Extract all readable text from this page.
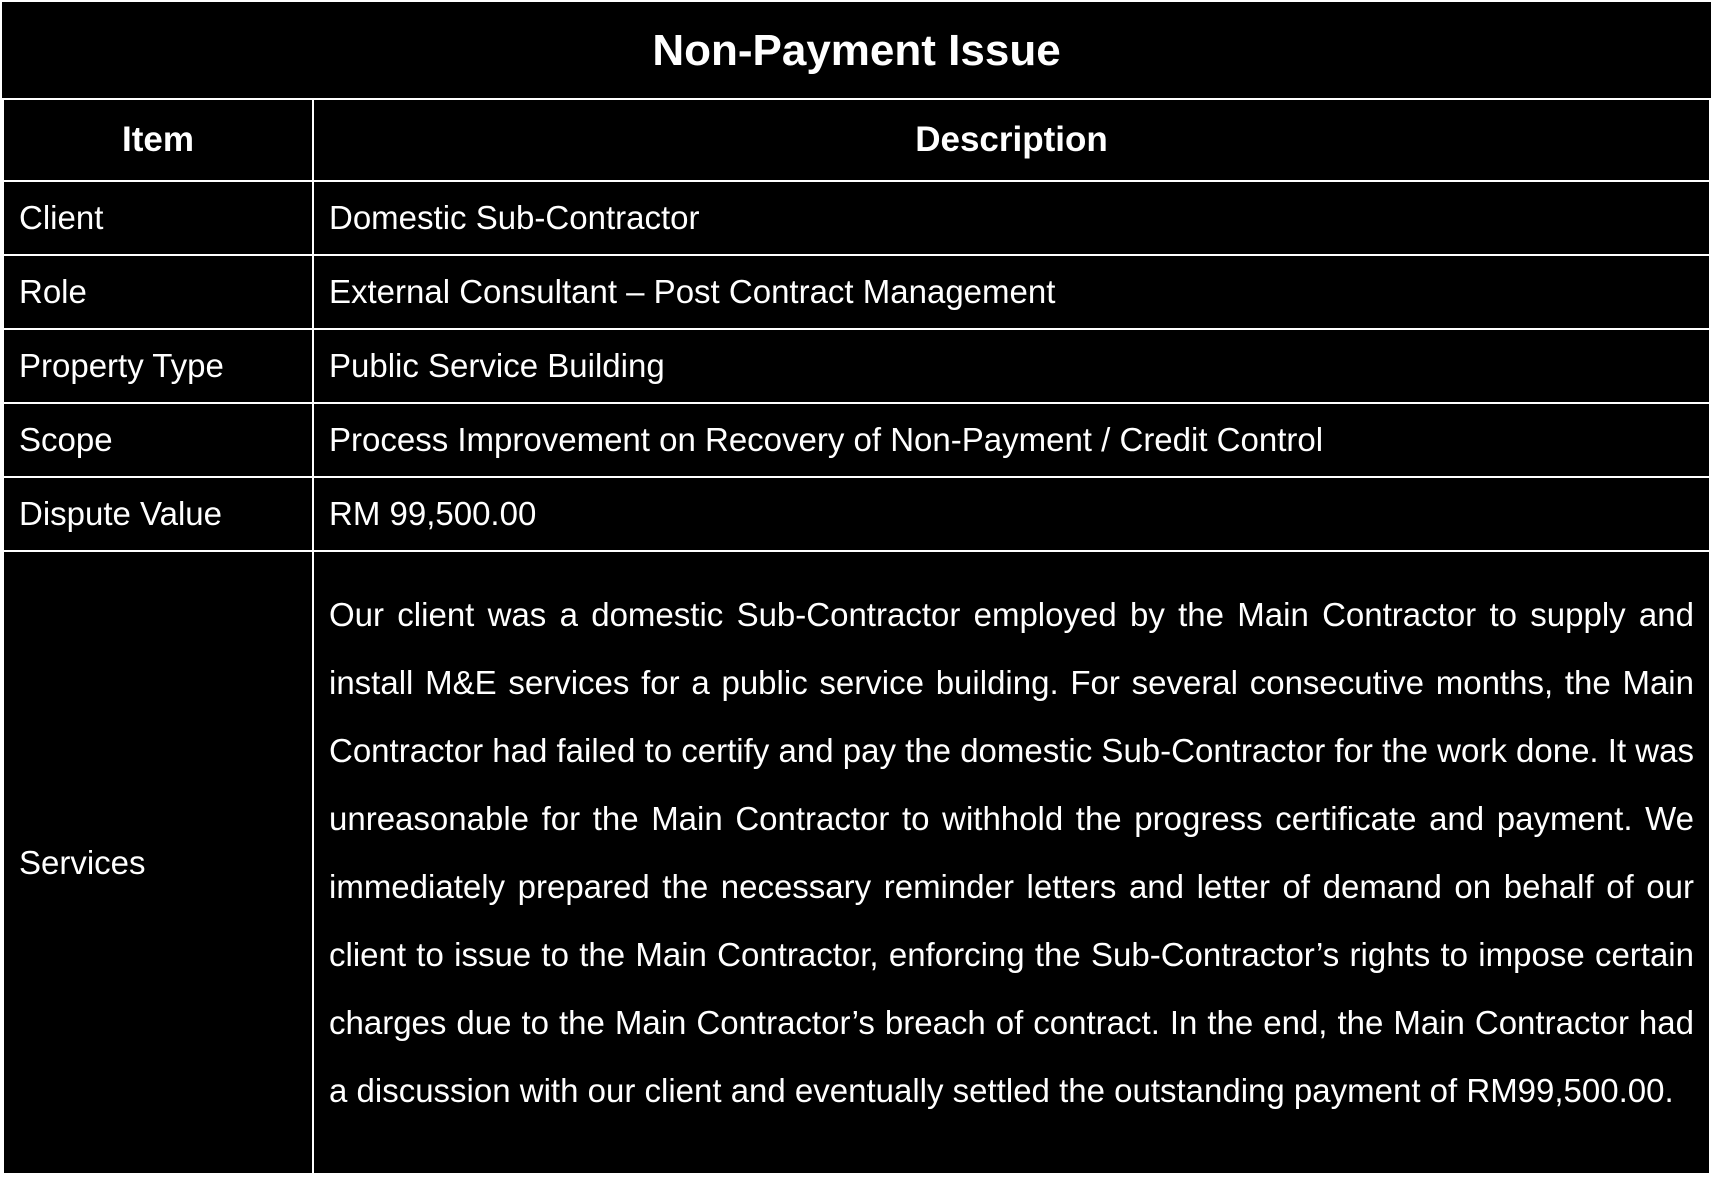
Non-Payment Issue	
Item	Description
Client	Domestic Sub-Contractor
Role	External Consultant – Post Contract Management
Property Type	Public Service Building
Scope	Process Improvement on Recovery of Non-Payment / Credit Control
Dispute Value	RM 99,500.00
Services	Our client was a domestic Sub-Contractor employed by the Main Contractor to supply and install M&E services for a public service building. For several consecutive months, the Main Contractor had failed to certify and pay the domestic Sub-Contractor for the work done. It was unreasonable for the Main Contractor to withhold the progress certificate and payment. We immediately prepared the necessary reminder letters and letter of demand on behalf of our client to issue to the Main Contractor, enforcing the Sub-Contractor’s rights to impose certain charges due to the Main Contractor’s breach of contract. In the end, the Main Contractor had a discussion with our client and eventually settled the outstanding payment of RM99,500.00.
